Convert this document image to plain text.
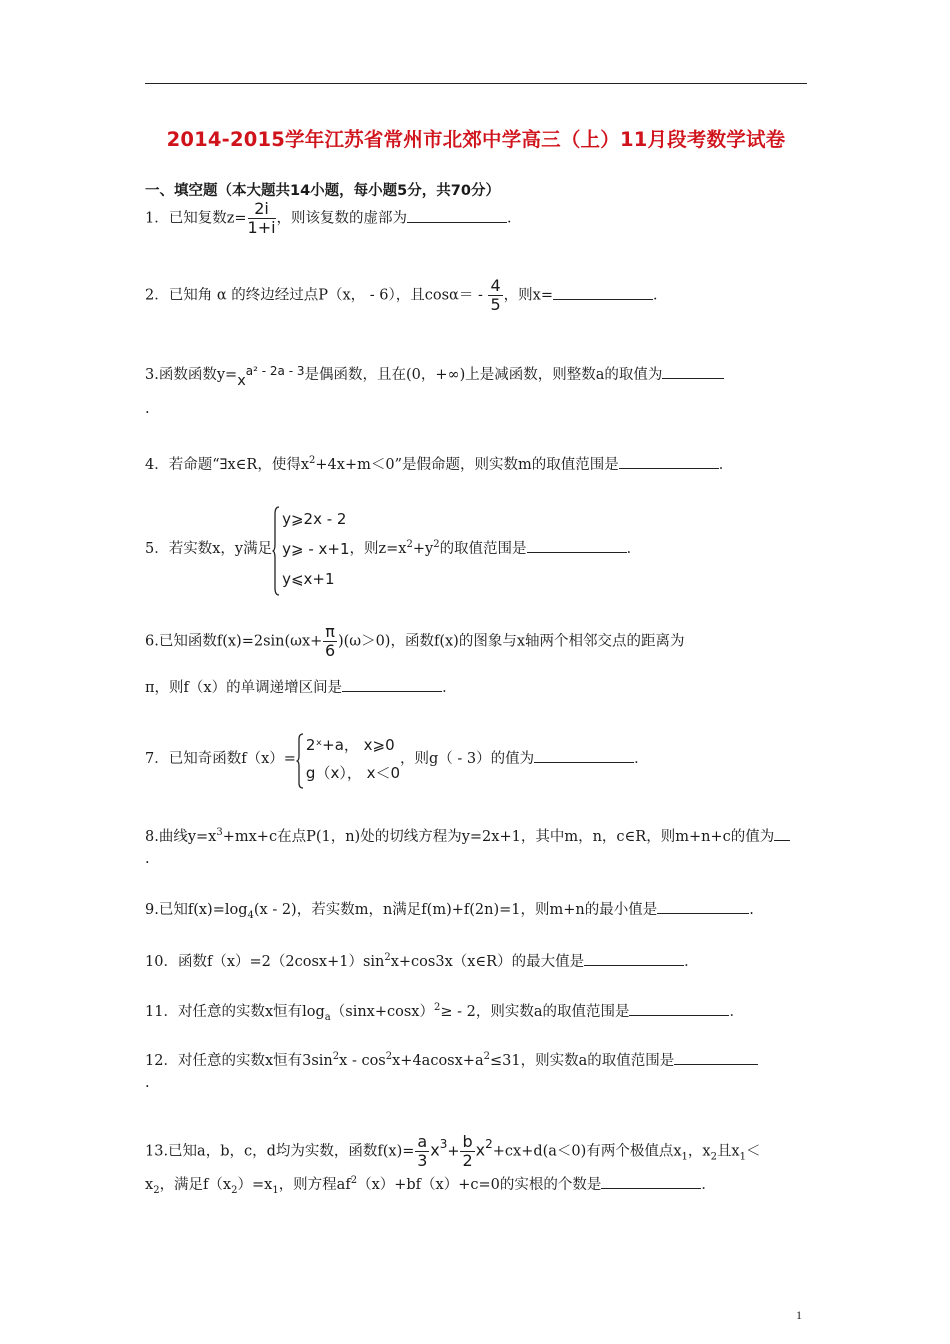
2014-2015学年江苏省常州市北郊中学高三（上）11月段考数学试卷
一、填空题（本大题共14小题，每小题5分，共70分）
1．已知复数$z= \frac{2i}{1+i}$ ，则该复数的虚部为	．
2．已知角 α 的终边经过点P（x， - 6），且$\cos\alpha= - \frac{4}{5}$ ，则x=	．
3.函数函数$y=x^{a^2 - 2a - 3}$是偶函数，且在(0，+∞)上是减函数，则整数a的取值为
.
4．若命题“∃x∈R，使得$x^2+4x+m<0$”是假命题，则实数m的取值范围是	．
5．若实数x，y满足
y⩾2x - 2
y⩾ - x+1
y⩽x+1
，则$z=x^2+y^2$的取值范围是	．
6.已知函数$f(x)=2\sin(\omega x+ \frac{\pi}{6} )(\omega>0)$，函数f(x)的图象与x轴两个相邻交点的距离为
π，则f（x）的单调递增区间是	．
7．已知奇函数f（x）=
2ˣ+a， x⩾0
g（x）， x＜0
，则g（ - 3）的值为	．
8.曲线$y=x^3+mx+c$在点P(1，n)处的切线方程为y=2x+1，其中m，n，c∈R，则m+n+c的值为
.
9.已知$f(x)=\log_4(x - 2)$，若实数m，n满足f(m)+f(2n)=1，则m+n的最小值是	.
10．函数$f(x)=2(2\cos x+1)\sin^2x+\cos 3x(x\in R)$的最大值是	．
11．对任意的实数x恒有$\log_a(\sin x+\cos x)^2\ge - 2$，则实数a的取值范围是	．
12．对任意的实数x恒有$3\sin^2x - \cos^2x+4acosx+a^2\le 31$，则实数a的取值范围是
.
13.已知a，b，c，d均为实数，函数$f(x)= \frac{a}{3} x^3+ \frac{b}{2} x^2+cx+d(a<0)$有两个极值点$x_1$，$x_2$且$x_1<$
$x_2$，满足$f(x_2)=x_1$，则方程$af^2(x)+bf(x)+c=0$的实根的个数是	．
1
